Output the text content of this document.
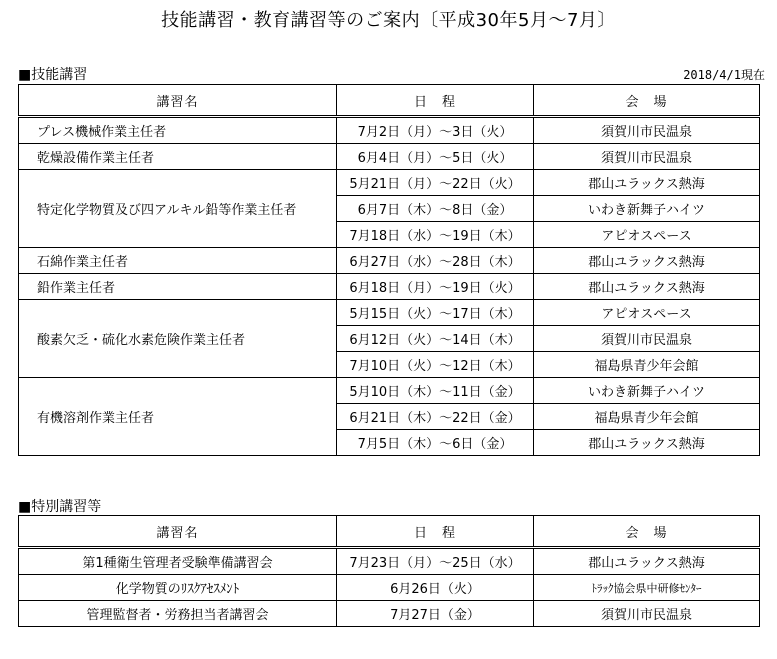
技能講習・教育講習等のご案内〔平成30年5月～7月〕
■技能講習	2018/4/1現在
講習名	日　程	会　場
プレス機械作業主任者	7月2日（月）～3日（火）	須賀川市民温泉
乾燥設備作業主任者	6月4日（月）～5日（火）	須賀川市民温泉
特定化学物質及び四アルキル鉛等作業主任者	5月21日（月）～22日（火）	郡山ユラックス熱海
	6月7日（木）～8日（金）	いわき新舞子ハイツ
	7月18日（水）～19日（木）	アピオスペース
石綿作業主任者	6月27日（水）～28日（木）	郡山ユラックス熱海
鉛作業主任者	6月18日（月）～19日（火）	郡山ユラックス熱海
酸素欠乏・硫化水素危険作業主任者	5月15日（火）～17日（木）	アピオスペース
	6月12日（火）～14日（木）	須賀川市民温泉
	7月10日（火）～12日（木）	福島県青少年会館
有機溶剤作業主任者	5月10日（木）～11日（金）	いわき新舞子ハイツ
	6月21日（木）～22日（金）	福島県青少年会館
	7月5日（木）～6日（金）	郡山ユラックス熱海
■特別講習等
講習名	日　程	会　場
第1種衛生管理者受験準備講習会	7月23日（月）～25日（水）	郡山ユラックス熱海
化学物質のﾘｽｸｱｾｽﾒﾝﾄ	6月26日（火）	ﾄﾗｯｸ協会県中研修ｾﾝﾀｰ
管理監督者・労務担当者講習会	7月27日（金）	須賀川市民温泉
